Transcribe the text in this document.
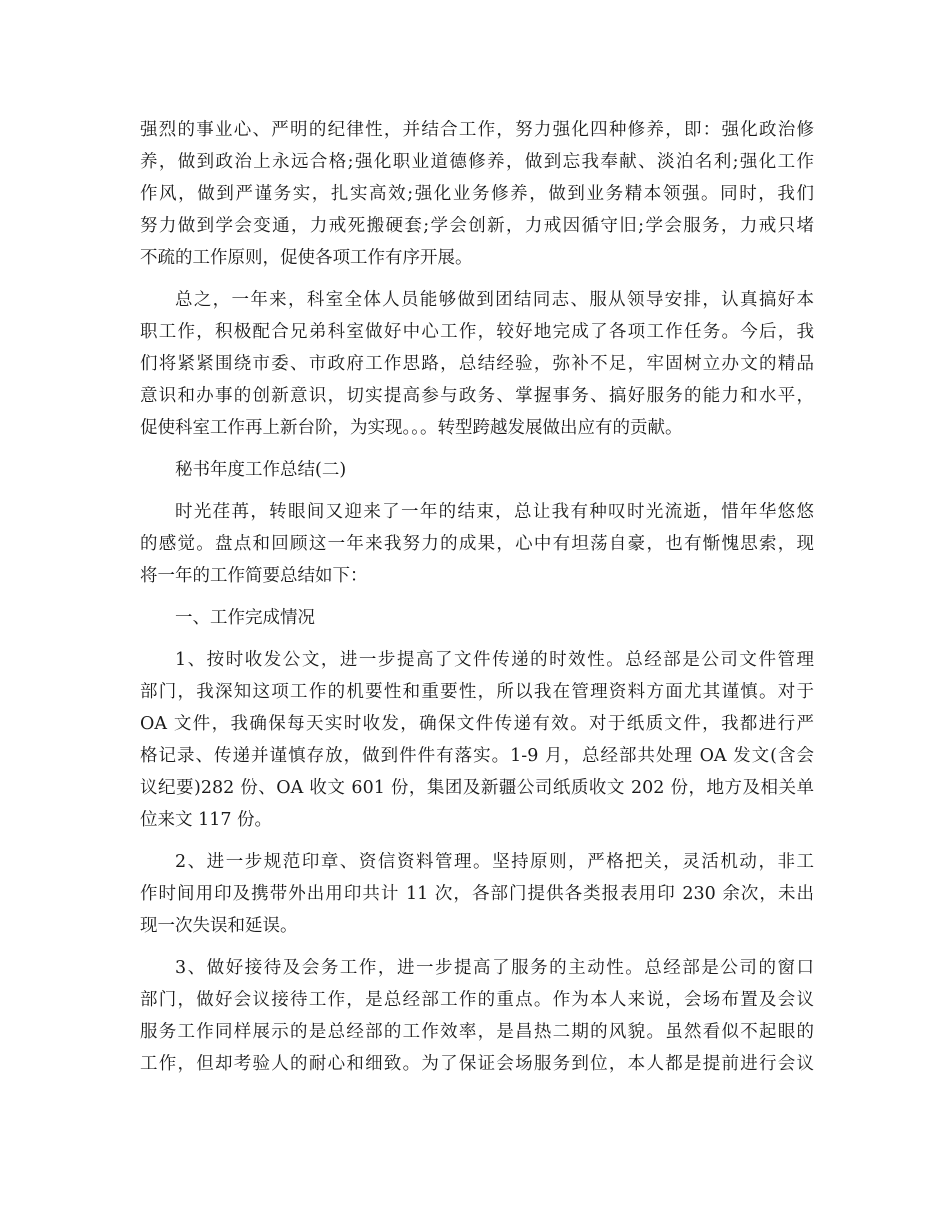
强烈的事业心、严明的纪律性，并结合工作，努力强化四种修养，即：强化政治修
养，做到政治上永远合格;强化职业道德修养，做到忘我奉献、淡泊名利;强化工作
作风，做到严谨务实，扎实高效;强化业务修养，做到业务精本领强。同时，我们
努力做到学会变通，力戒死搬硬套;学会创新，力戒因循守旧;学会服务，力戒只堵
不疏的工作原则，促使各项工作有序开展。
总之，一年来，科室全体人员能够做到团结同志、服从领导安排，认真搞好本
职工作，积极配合兄弟科室做好中心工作，较好地完成了各项工作任务。今后，我
们将紧紧围绕市委、市政府工作思路，总结经验，弥补不足，牢固树立办文的精品
意识和办事的创新意识，切实提高参与政务、掌握事务、搞好服务的能力和水平，
促使科室工作再上新台阶，为实现。。。转型跨越发展做出应有的贡献。
秘书年度工作总结(二)
时光荏苒，转眼间又迎来了一年的结束，总让我有种叹时光流逝，惜年华悠悠
的感觉。盘点和回顾这一年来我努力的成果，心中有坦荡自豪，也有惭愧思索，现
将一年的工作简要总结如下：
一、工作完成情况
1、按时收发公文，进一步提高了文件传递的时效性。总经部是公司文件管理
部门，我深知这项工作的机要性和重要性，所以我在管理资料方面尤其谨慎。对于
OA 文件，我确保每天实时收发，确保文件传递有效。对于纸质文件，我都进行严
格记录、传递并谨慎存放，做到件件有落实。1-9 月，总经部共处理 OA 发文(含会
议纪要)282 份、OA 收文 601 份，集团及新疆公司纸质收文 202 份，地方及相关单
位来文 117 份。
2、进一步规范印章、资信资料管理。坚持原则，严格把关，灵活机动，非工
作时间用印及携带外出用印共计 11 次，各部门提供各类报表用印 230 余次，未出
现一次失误和延误。
3、做好接待及会务工作，进一步提高了服务的主动性。总经部是公司的窗口
部门，做好会议接待工作，是总经部工作的重点。作为本人来说，会场布置及会议
服务工作同样展示的是总经部的工作效率，是昌热二期的风貌。虽然看似不起眼的
工作，但却考验人的耐心和细致。为了保证会场服务到位，本人都是提前进行会议
